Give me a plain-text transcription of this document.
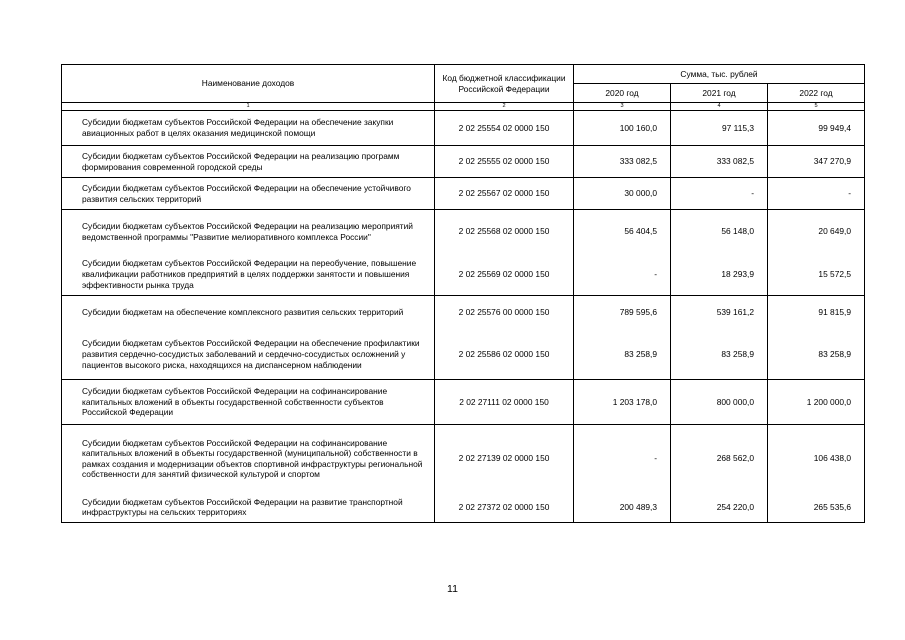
Наименование доходов	Код бюджетной классификации Российской Федерации	Сумма, тыс. рублей		
		2020 год	2021 год	2022 год
1	2	3	4	5
Субсидии бюджетам субъектов Российской Федерации на обеспечение закупки авиационных работ в целях оказания медицинской помощи	2 02 25554 02 0000 150	100 160,0	97 115,3	99 949,4
Субсидии бюджетам субъектов Российской Федерации на реализацию программ формирования современной городской среды	2 02 25555 02 0000 150	333 082,5	333 082,5	347 270,9
Субсидии бюджетам субъектов Российской Федерации на обеспечение устойчивого развития сельских территорий	2 02 25567 02 0000 150	30 000,0	-	-
Субсидии бюджетам субъектов Российской Федерации на реализацию мероприятий ведомственной программы "Развитие мелиоративного комплекса России"	2 02 25568 02 0000 150	56 404,5	56 148,0	20 649,0
Субсидии бюджетам субъектов Российской Федерации на переобучение, повышение квалификации работников предприятий в целях поддержки занятости и повышения эффективности рынка труда	2 02 25569 02 0000 150	-	18 293,9	15 572,5
Субсидии бюджетам на обеспечение комплексного развития сельских территорий	2 02 25576 00 0000 150	789 595,6	539 161,2	91 815,9
Субсидии бюджетам субъектов Российской Федерации на обеспечение профилактики развития сердечно-сосудистых заболеваний и сердечно-сосудистых осложнений у пациентов высокого риска, находящихся на диспансерном наблюдении	2 02 25586 02 0000 150	83 258,9	83 258,9	83 258,9
Субсидии бюджетам субъектов Российской Федерации на софинансирование капитальных вложений в объекты государственной собственности субъектов Российской Федерации	2 02 27111 02 0000 150	1 203 178,0	800 000,0	1 200 000,0
Субсидии бюджетам субъектов Российской Федерации на софинансирование капитальных вложений в объекты государственной (муниципальной) собственности в рамках создания и модернизации объектов спортивной инфраструктуры региональной собственности для занятий физической культурой и спортом	2 02 27139 02 0000 150	-	268 562,0	106 438,0
Субсидии бюджетам субъектов Российской Федерации на развитие транспортной инфраструктуры на сельских территориях	2 02 27372 02 0000 150	200 489,3	254 220,0	265 535,6
11
